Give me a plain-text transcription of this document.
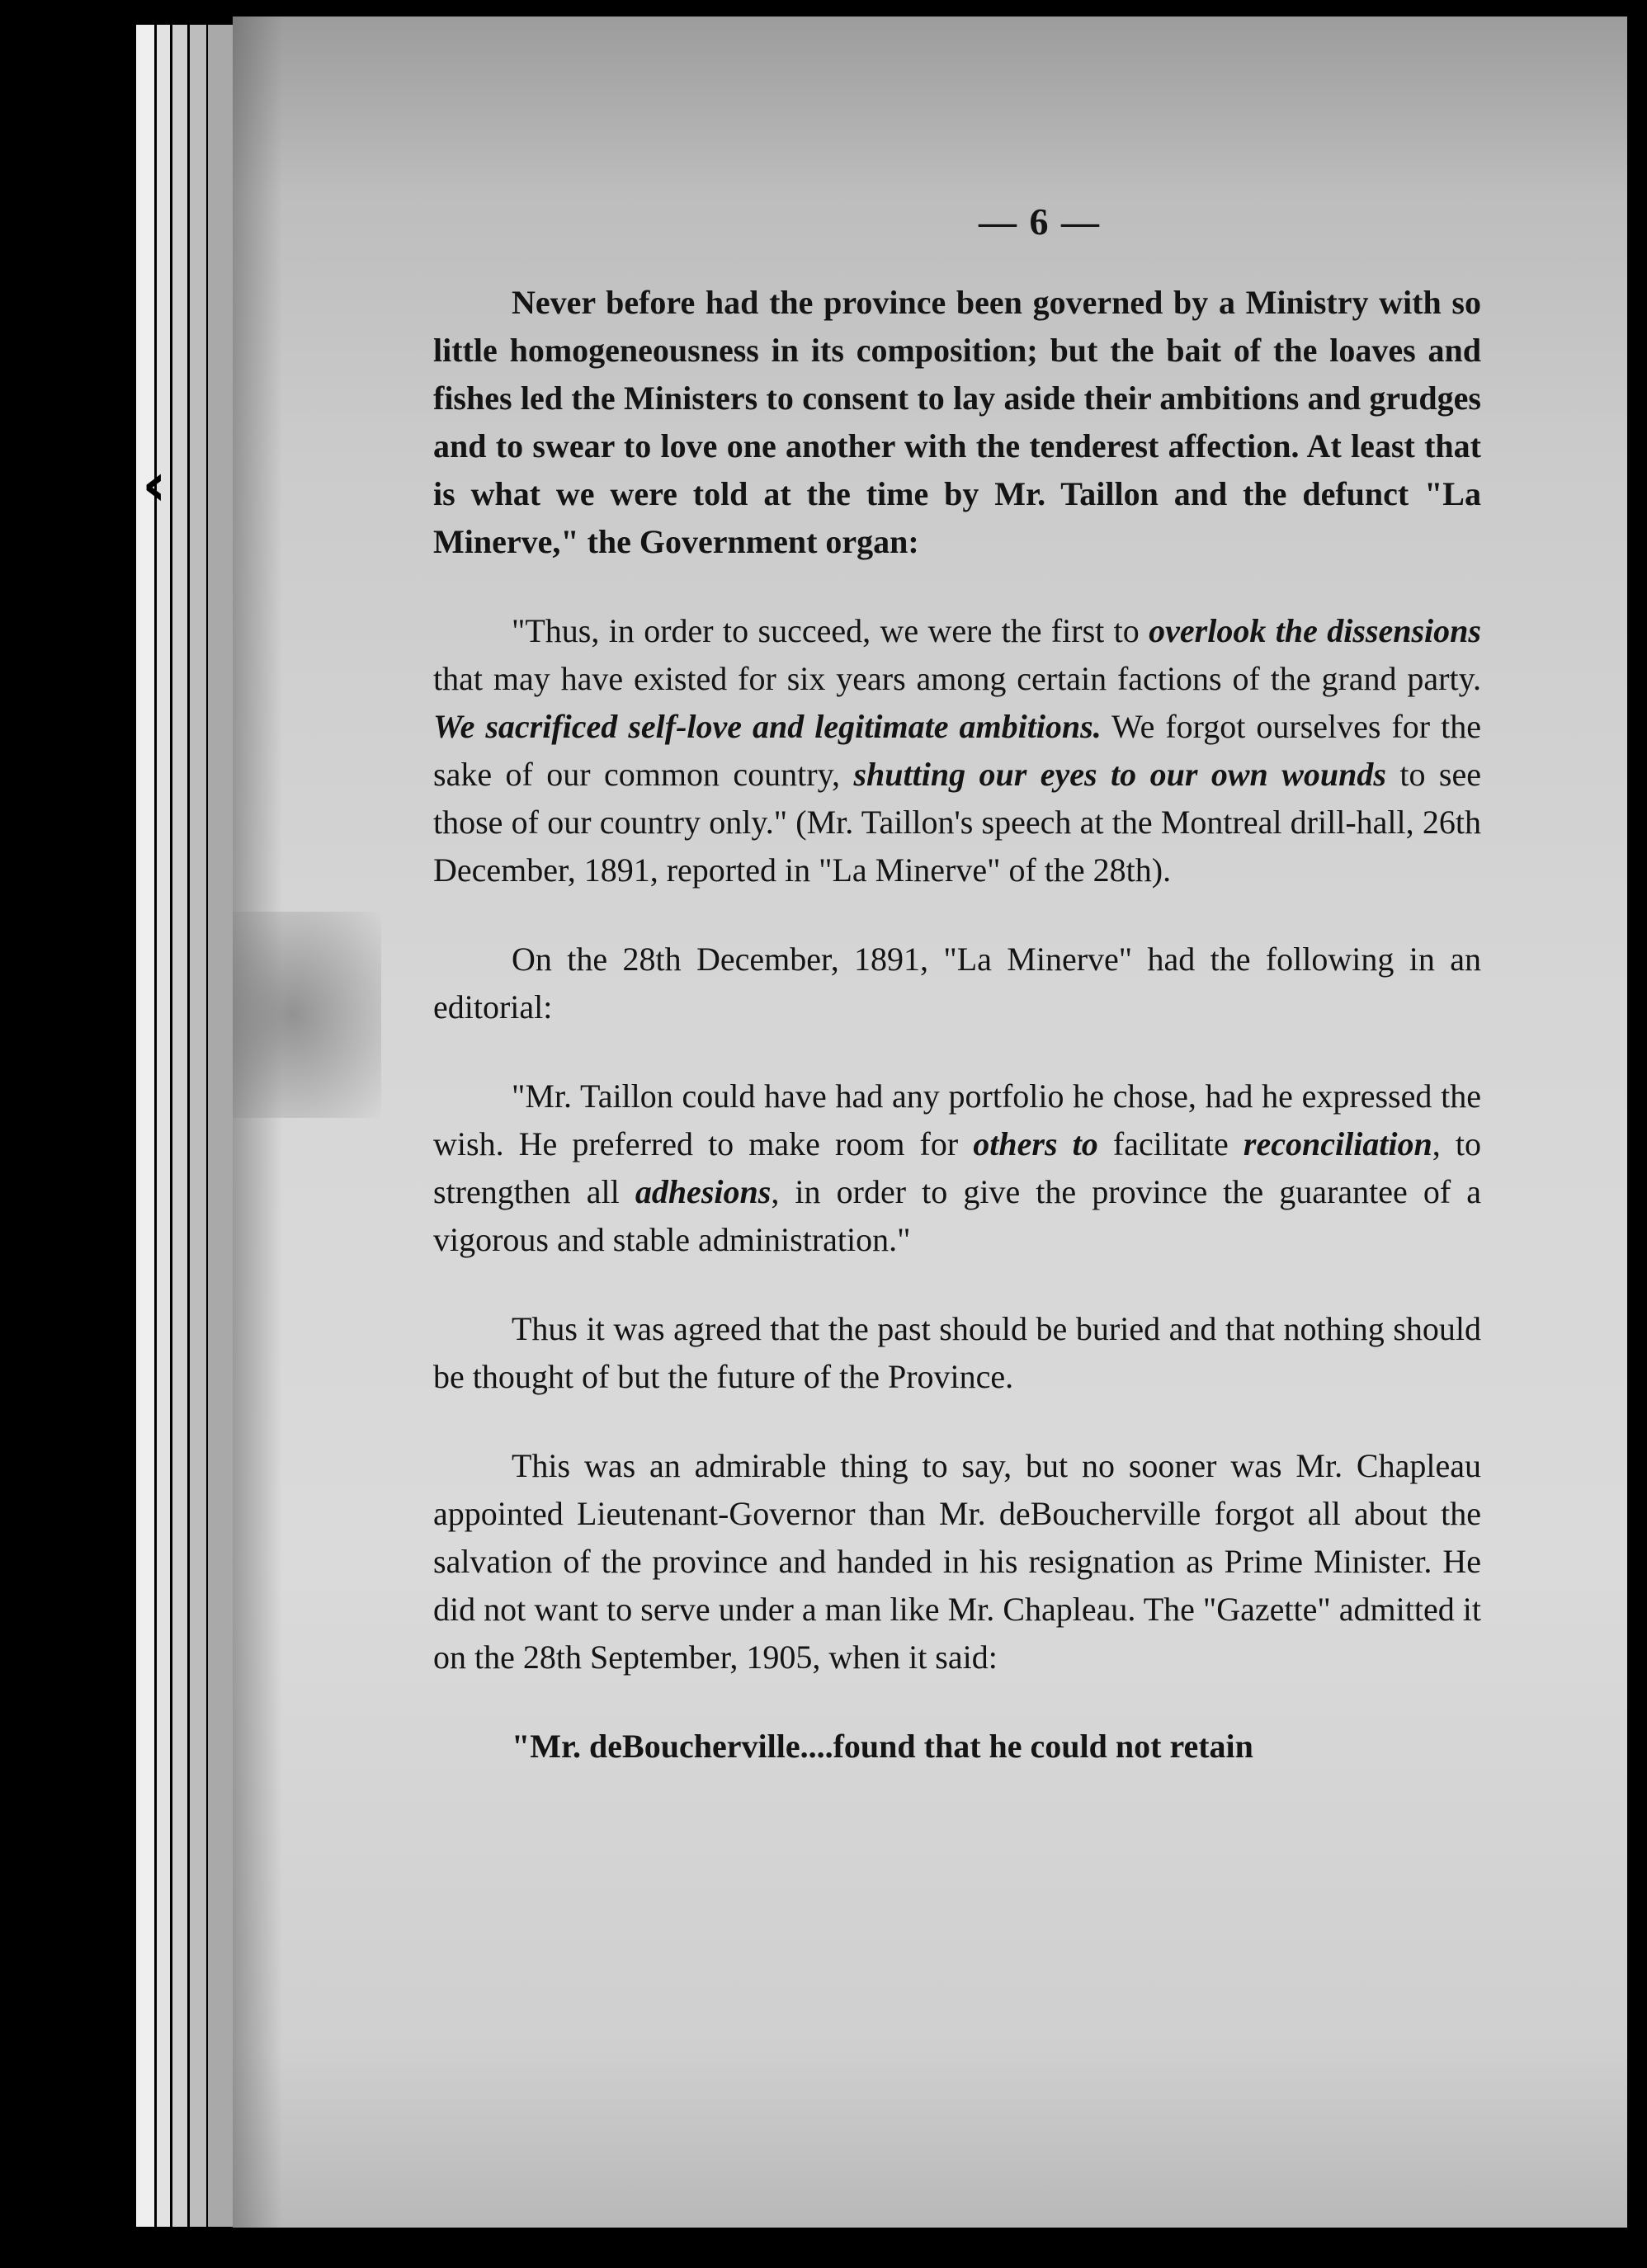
‹
— 6 —

Never before had the province been governed by a Ministry with so little homogeneousness in its composition; but the bait of the loaves and fishes led the Ministers to consent to lay aside their ambitions and grudges and to swear to love one another with the tenderest affection. At least that is what we were told at the time by Mr. Taillon and the defunct "La Minerve," the Government organ:

"Thus, in order to succeed, we were the first to overlook the dissensions that may have existed for six years among certain factions of the grand party. We sacrificed self-love and legitimate ambitions. We forgot ourselves for the sake of our common country, shutting our eyes to our own wounds to see those of our country only." (Mr. Taillon's speech at the Montreal drill-hall, 26th December, 1891, reported in "La Minerve" of the 28th).

On the 28th December, 1891, "La Minerve" had the following in an editorial:

"Mr. Taillon could have had any portfolio he chose, had he expressed the wish. He preferred to make room for others to facilitate reconciliation, to strengthen all adhesions, in order to give the province the guarantee of a vigorous and stable administration."

Thus it was agreed that the past should be buried and that nothing should be thought of but the future of the Province.

This was an admirable thing to say, but no sooner was Mr. Chapleau appointed Lieutenant-Governor than Mr. deBoucherville forgot all about the salvation of the province and handed in his resignation as Prime Minister. He did not want to serve under a man like Mr. Chapleau. The "Gazette" admitted it on the 28th September, 1905, when it said:

"Mr. deBoucherville....found that he could not retain
